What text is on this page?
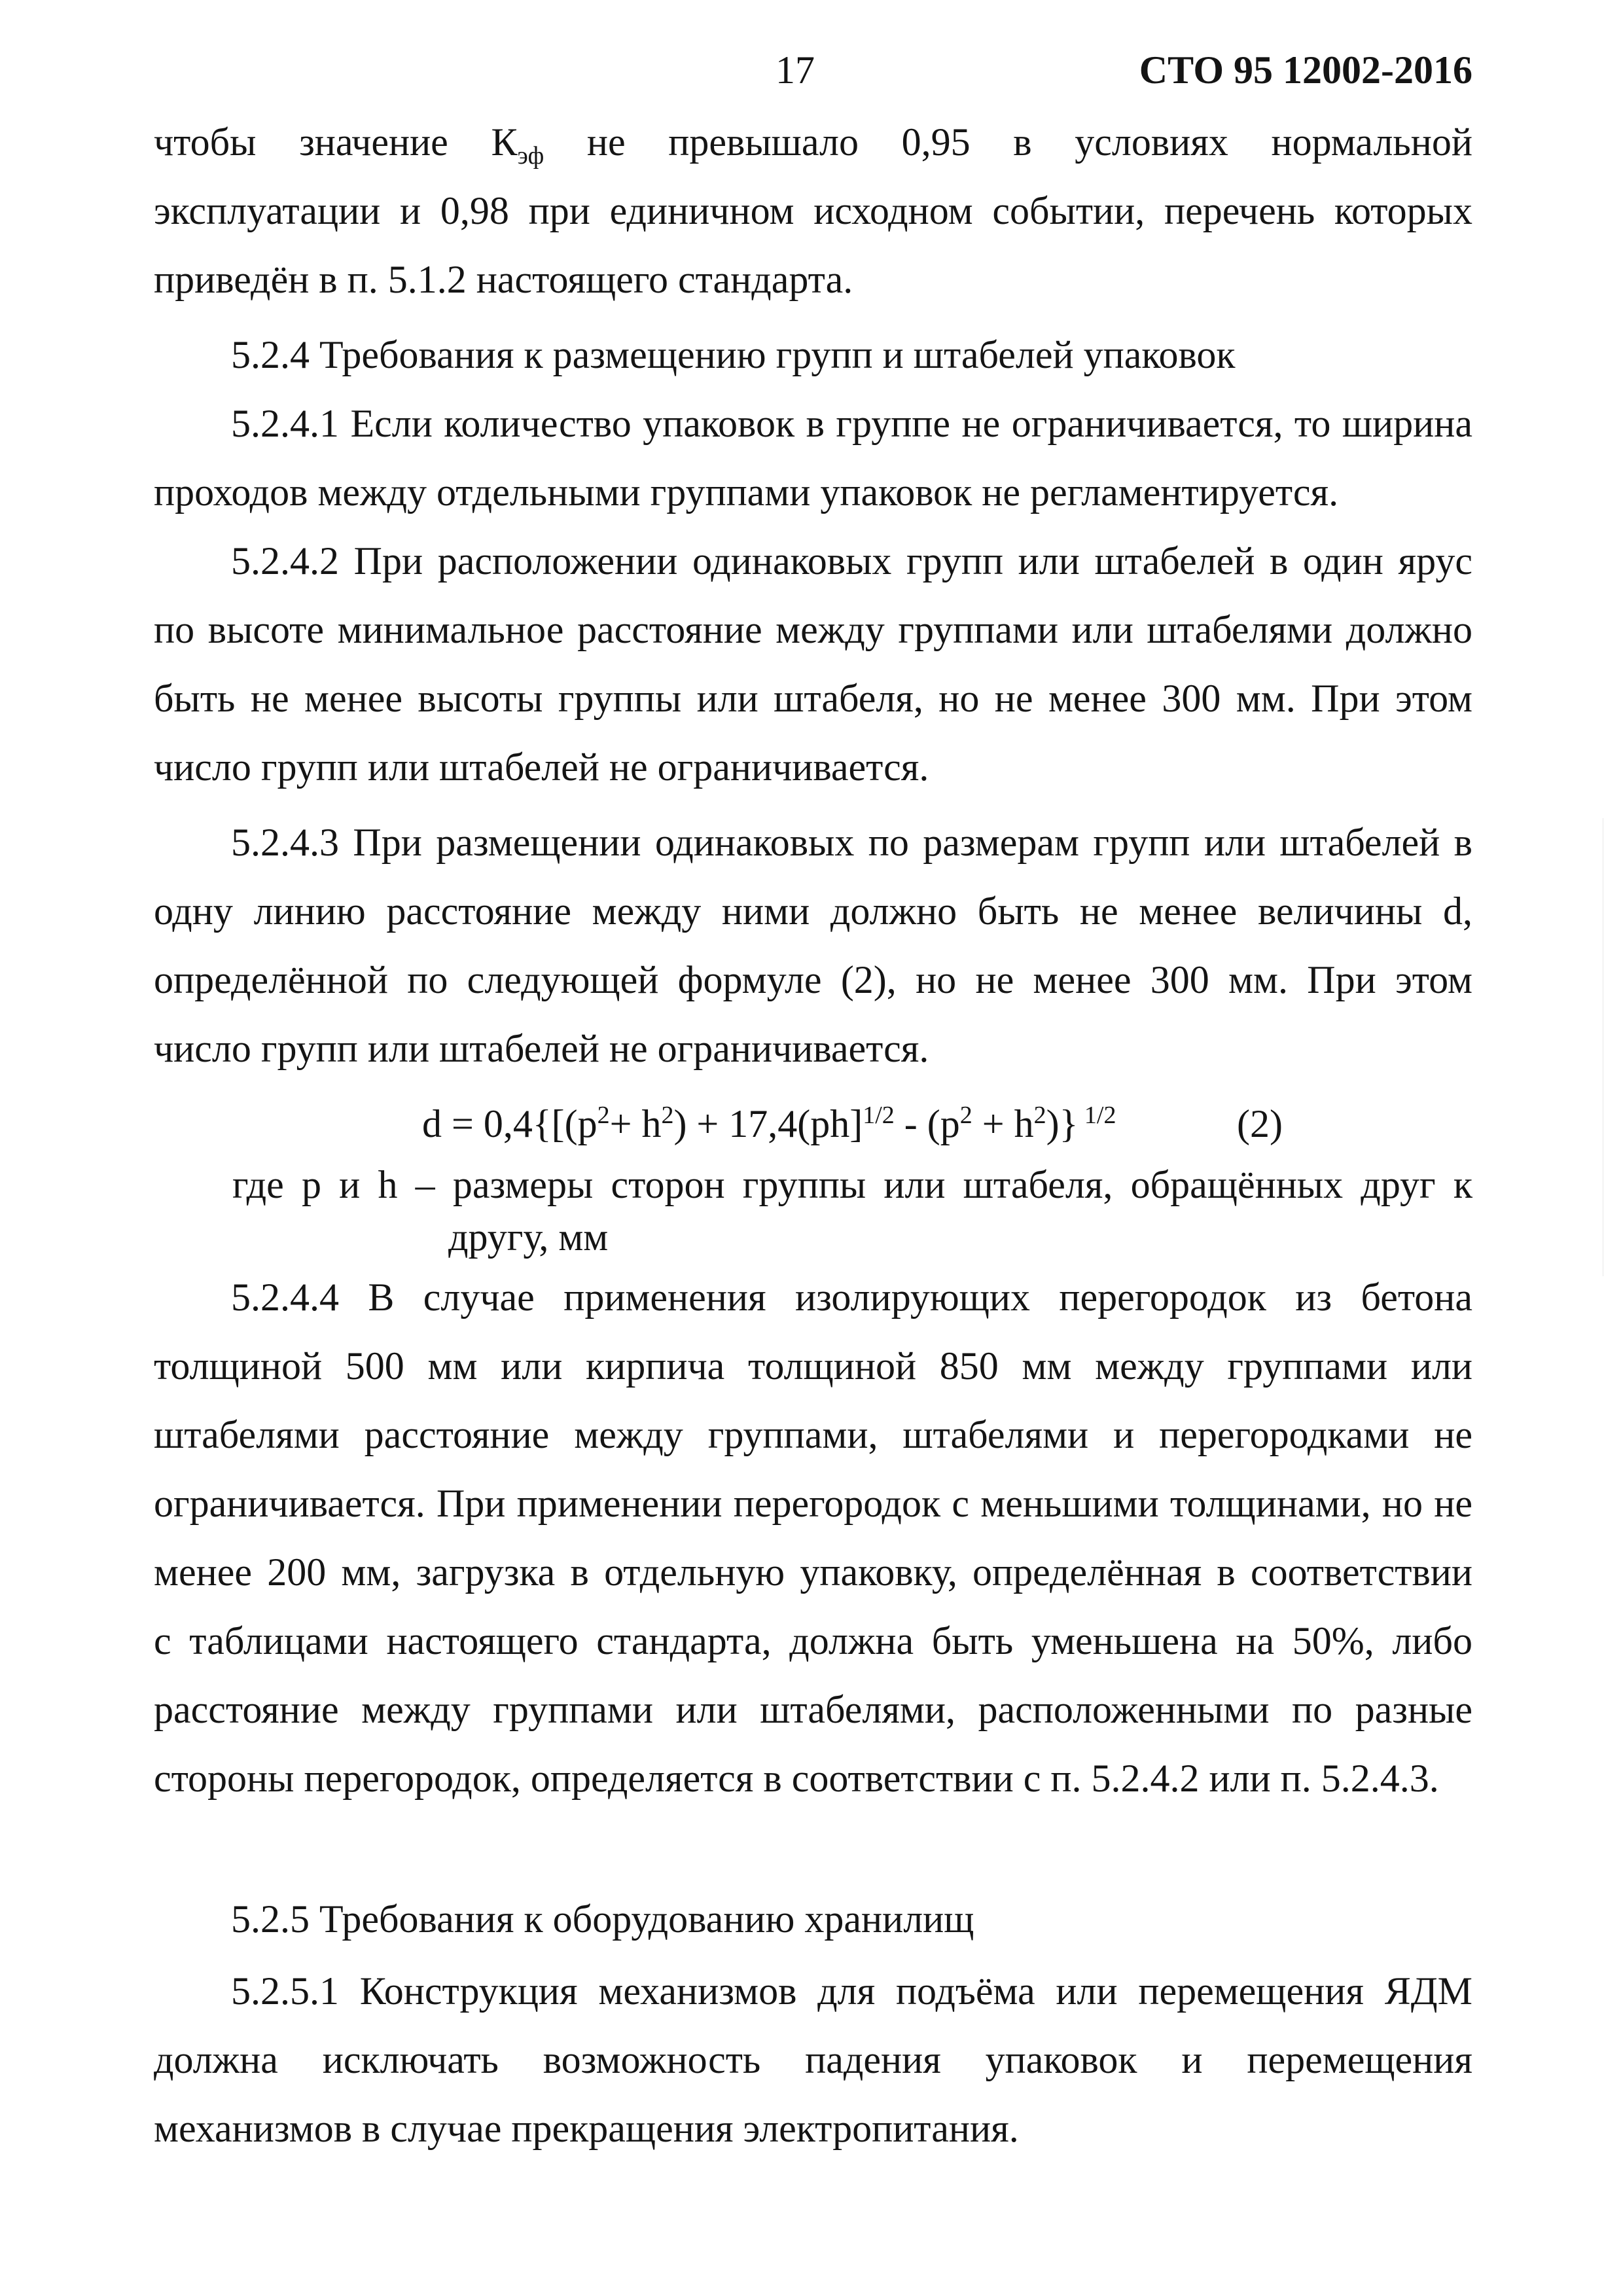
17	СТО 95 12002-2016
чтобы значение $К_{эф}$ не превышало 0,95 в условиях нормальной
эксплуатации и 0,98 при единичном исходном событии, перечень которых
приведён в п. 5.1.2 настоящего стандарта.
5.2.4 Требования к размещению групп и штабелей упаковок
5.2.4.1 Если количество упаковок в группе не ограничивается, то ширина
проходов между отдельными группами упаковок не регламентируется.
5.2.4.2 При расположении одинаковых групп или штабелей в один ярус
по высоте минимальное расстояние между группами или штабелями должно
быть не менее высоты группы или штабеля, но не менее 300 мм. При этом
число групп или штабелей не ограничивается.
5.2.4.3 При размещении одинаковых по размерам групп или штабелей в
одну линию расстояние между ними должно быть не менее величины d,
определённой по следующей формуле (2), но не менее 300 мм. При этом
число групп или штабелей не ограничивается.
$d = 0,4\{[(p^2+ h^2) + 17,4(ph]^{1/2} - (p^2 + h^2)\}$ $^{1/2}$	(2)
где p и h – размеры сторон группы или штабеля, обращённых друг к
другу, мм
5.2.4.4 В случае применения изолирующих перегородок из бетона
толщиной 500 мм или кирпича толщиной 850 мм между группами или
штабелями расстояние между группами, штабелями и перегородками не
ограничивается. При применении перегородок с меньшими толщинами, но не
менее 200 мм, загрузка в отдельную упаковку, определённая в соответствии
с таблицами настоящего стандарта, должна быть уменьшена на 50%, либо
расстояние между группами или штабелями, расположенными по разные
стороны перегородок, определяется в соответствии с п. 5.2.4.2 или п. 5.2.4.3.
5.2.5 Требования к оборудованию хранилищ
5.2.5.1 Конструкция механизмов для подъёма или перемещения ЯДМ
должна исключать возможность падения упаковок и перемещения
механизмов в случае прекращения электропитания.
